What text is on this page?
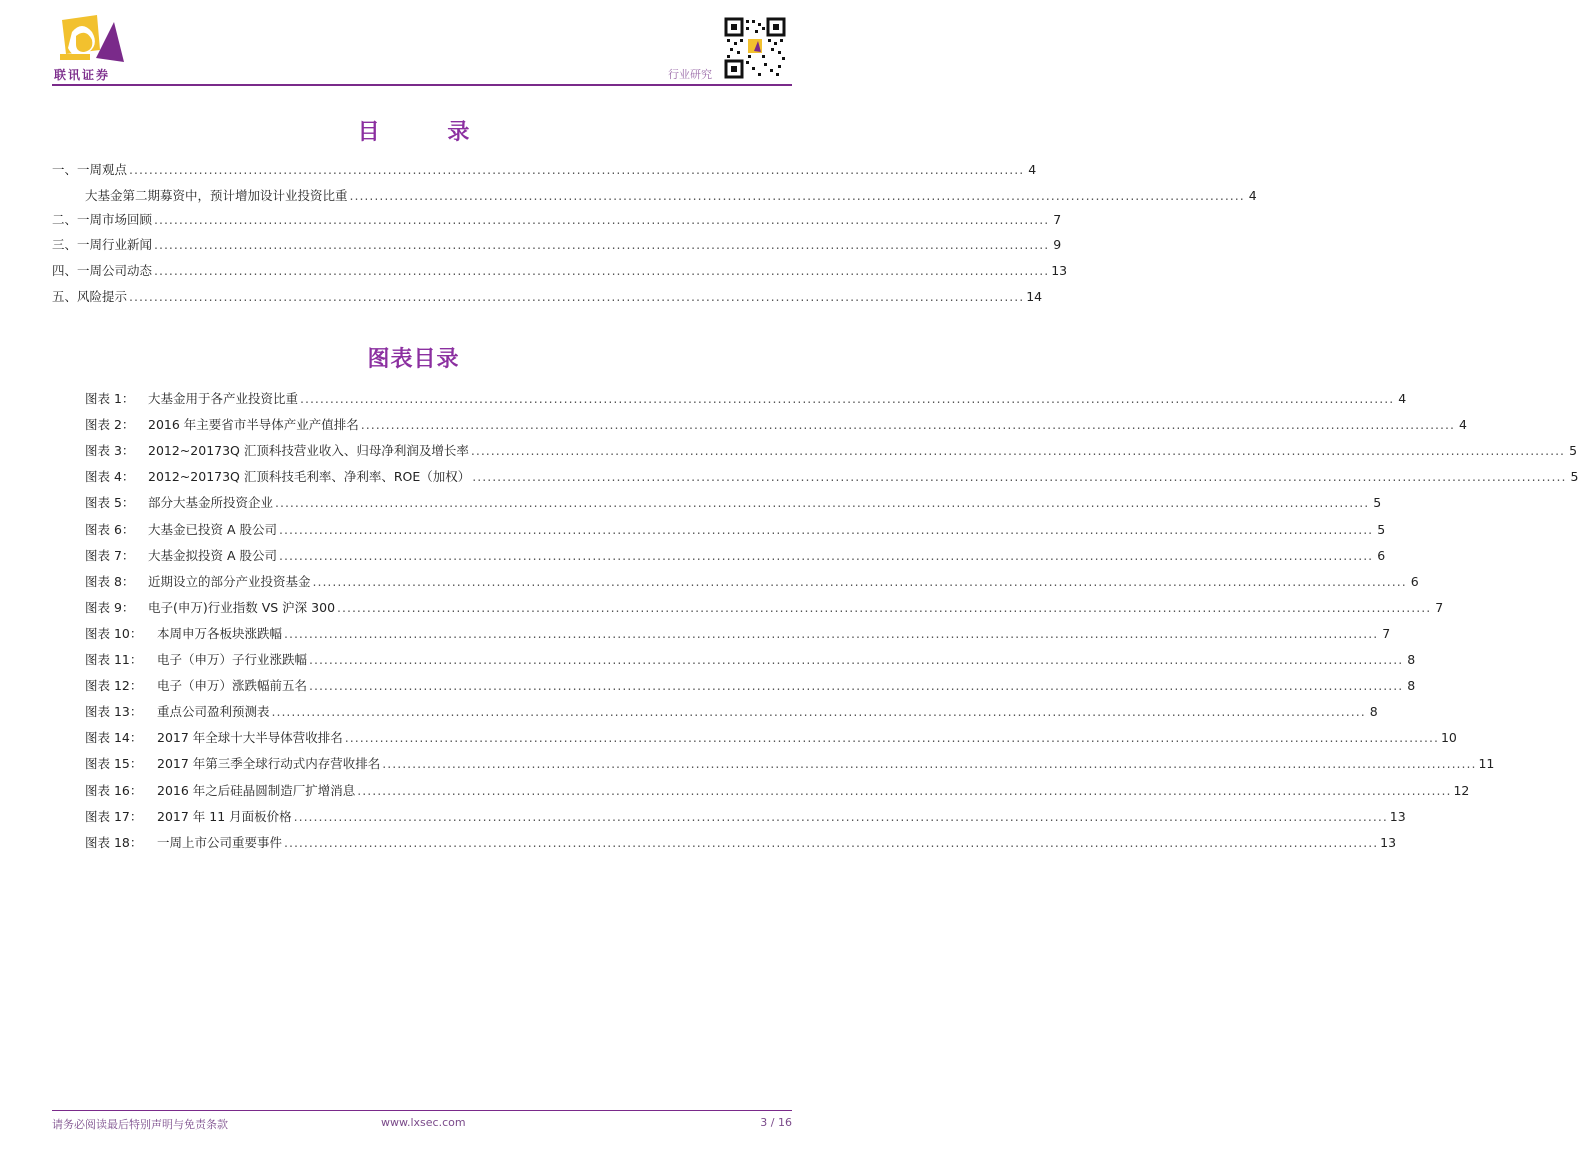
联讯证券	行业研究
目 录
一、一周观点 .................................................................................................................................................................................... 4
大基金第二期募资中，预计增加设计业投资比重 .................................................................................................................................................................................... 4
二、一周市场回顾 .................................................................................................................................................................................... 7
三、一周行业新闻 .................................................................................................................................................................................... 9
四、一周公司动态 .................................................................................................................................................................................... 13
五、风险提示 .................................................................................................................................................................................... 14
图表目录
图表 1： 大基金用于各产业投资比重 ............................................................................................................................................................................................................................ 4
图表 2： 2016 年主要省市半导体产业产值排名 ............................................................................................................................................................................................................................ 4
图表 3： 2012~20173Q 汇顶科技营业收入、归母净利润及增长率 ............................................................................................................................................................................................................................ 5
图表 4： 2012~20173Q 汇顶科技毛利率、净利率、ROE（加权） ............................................................................................................................................................................................................................ 5
图表 5： 部分大基金所投资企业 ............................................................................................................................................................................................................................ 5
图表 6： 大基金已投资 A 股公司 ............................................................................................................................................................................................................................ 5
图表 7： 大基金拟投资 A 股公司 ............................................................................................................................................................................................................................ 6
图表 8： 近期设立的部分产业投资基金 ............................................................................................................................................................................................................................ 6
图表 9： 电子(申万)行业指数 VS 沪深 300 ............................................................................................................................................................................................................................ 7
图表 10： 本周申万各板块涨跌幅 ............................................................................................................................................................................................................................ 7
图表 11： 电子（申万）子行业涨跌幅 ............................................................................................................................................................................................................................ 8
图表 12： 电子（申万）涨跌幅前五名 ............................................................................................................................................................................................................................ 8
图表 13： 重点公司盈利预测表 ............................................................................................................................................................................................................................ 8
图表 14： 2017 年全球十大半导体营收排名 ............................................................................................................................................................................................................................ 10
图表 15： 2017 年第三季全球行动式内存营收排名 ............................................................................................................................................................................................................................ 11
图表 16： 2016 年之后硅晶圆制造厂扩增消息 ............................................................................................................................................................................................................................ 12
图表 17： 2017 年 11 月面板价格 ............................................................................................................................................................................................................................ 13
图表 18： 一周上市公司重要事件 ............................................................................................................................................................................................................................ 13
请务必阅读最后特别声明与免责条款	www.lxsec.com	3 / 16
